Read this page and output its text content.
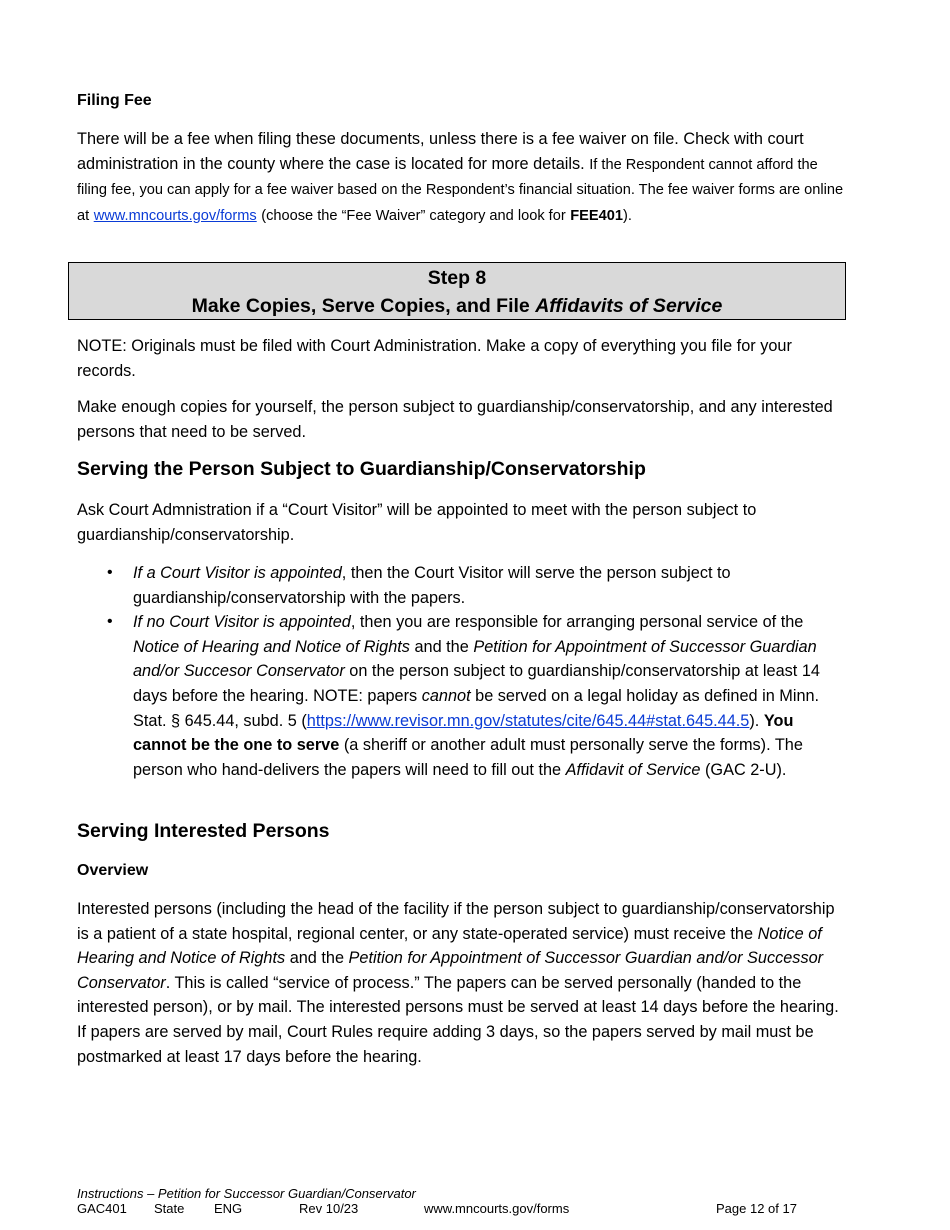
Filing Fee

There will be a fee when filing these documents, unless there is a fee waiver on file. Check with court administration in the county where the case is located for more details. If the Respondent cannot afford the filing fee, you can apply for a fee waiver based on the Respondent’s financial situation. The fee waiver forms are online at www.mncourts.gov/forms (choose the “Fee Waiver” category and look for FEE401).

Step 8
Make Copies, Serve Copies, and File Affidavits of Service

NOTE: Originals must be filed with Court Administration. Make a copy of everything you file for your records.

Make enough copies for yourself, the person subject to guardianship/conservatorship, and any interested persons that need to be served.

Serving the Person Subject to Guardianship/Conservatorship

Ask Court Admnistration if a “Court Visitor” will be appointed to meet with the person subject to guardianship/conservatorship.

• If a Court Visitor is appointed, then the Court Visitor will serve the person subject to guardianship/conservatorship with the papers.
• If no Court Visitor is appointed, then you are responsible for arranging personal service of the Notice of Hearing and Notice of Rights and the Petition for Appointment of Successor Guardian and/or Succesor Conservator on the person subject to guardianship/conservatorship at least 14 days before the hearing. NOTE: papers cannot be served on a legal holiday as defined in Minn. Stat. § 645.44, subd. 5 (https://www.revisor.mn.gov/statutes/cite/645.44#stat.645.44.5). You cannot be the one to serve (a sheriff or another adult must personally serve the forms). The person who hand-delivers the papers will need to fill out the Affidavit of Service (GAC 2-U).
Serving Interested Persons
Overview

Interested persons (including the head of the facility if the person subject to guardianship/conservatorship is a patient of a state hospital, regional center, or any state-operated service) must receive the Notice of Hearing and Notice of Rights and the Petition for Appointment of Successor Guardian and/or Successor Conservator. This is called “service of process.” The papers can be served personally (handed to the interested person), or by mail. The interested persons must be served at least 14 days before the hearing. If papers are served by mail, Court Rules require adding 3 days, so the papers served by mail must be postmarked at least 17 days before the hearing.

Instructions – Petition for Successor Guardian/Conservator
GAC401 State ENG	Rev 10/23	www.mncourts.gov/forms	Page 12 of 17
